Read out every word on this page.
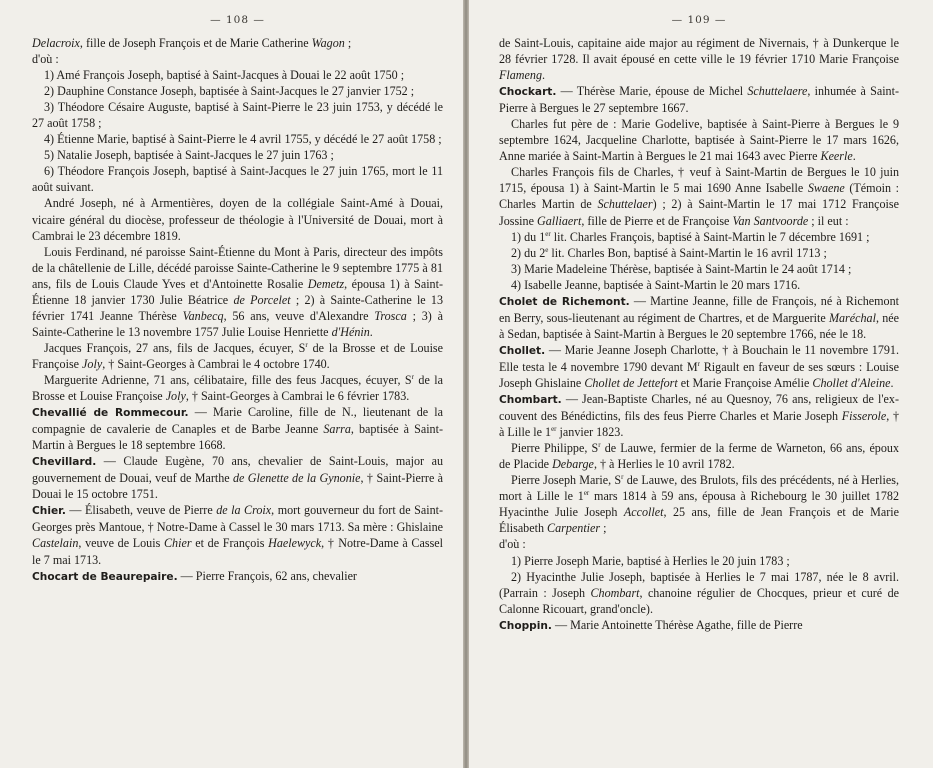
— 108 —

Delacroix, fille de Joseph François et de Marie Catherine Wagon ;

d'où :

1) Amé François Joseph, baptisé à Saint-Jacques à Douai le 22 août 1750 ;

2) Dauphine Constance Joseph, baptisée à Saint-Jacques le 27 janvier 1752 ;

3) Théodore Césaire Auguste, baptisé à Saint-Pierre le 23 juin 1753, y décédé le 27 août 1758 ;

4) Étienne Marie, baptisé à Saint-Pierre le 4 avril 1755, y décédé le 27 août 1758 ;

5) Natalie Joseph, baptisée à Saint-Jacques le 27 juin 1763 ;

6) Théodore François Joseph, baptisé à Saint-Jacques le 27 juin 1765, mort le 11 août suivant.

André Joseph, né à Armentières, doyen de la collégiale Saint-Amé à Douai, vicaire général du diocèse, professeur de théologie à l'Université de Douai, mort à Cambrai le 23 décembre 1819.

Louis Ferdinand, né paroisse Saint-Étienne du Mont à Paris, directeur des impôts de la châtellenie de Lille, décédé paroisse Sainte-Catherine le 9 septembre 1775 à 81 ans, fils de Louis Claude Yves et d'Antoinette Rosalie Demetz, épousa 1) à Saint-Étienne 18 janvier 1730 Julie Béatrice de Porcelet ; 2) à Sainte-Catherine le 13 février 1741 Jeanne Thérèse Vanbecq, 56 ans, veuve d'Alexandre Trosca ; 3) à Sainte-Catherine le 13 novembre 1757 Julie Louise Henriette d'Hénin.

Jacques François, 27 ans, fils de Jacques, écuyer, $S^r$ de la Brosse et de Louise Françoise Joly, † Saint-Georges à Cambrai le 4 octobre 1740.

Marguerite Adrienne, 71 ans, célibataire, fille des feus Jacques, écuyer, $S^r$ de la Brosse et Louise Françoise Joly, † Saint-Georges à Cambrai le 6 février 1783.

Chevallié de Rommecour. — Marie Caroline, fille de N., lieutenant de la compagnie de cavalerie de Canaples et de Barbe Jeanne Sarra, baptisée à Saint-Martin à Bergues le 18 septembre 1668.

Chevillard. — Claude Eugène, 70 ans, chevalier de Saint-Louis, major au gouvernement de Douai, veuf de Marthe de Glenette de la Gynonie, † Saint-Pierre à Douai le 15 octobre 1751.

Chier. — Élisabeth, veuve de Pierre de la Croix, mort gouverneur du fort de Saint-Georges près Mantoue, † Notre-Dame à Cassel le 30 mars 1713. Sa mère : Ghislaine Castelain, veuve de Louis Chier et de François Haelewyck, † Notre-Dame à Cassel le 7 mai 1713.

Chocart de Beaurepaire. — Pierre François, 62 ans, chevalier

— 109 —

de Saint-Louis, capitaine aide major au régiment de Nivernais, † à Dunkerque le 28 février 1728. Il avait épousé en cette ville le 19 février 1710 Marie Françoise Flameng.

Chockart. — Thérèse Marie, épouse de Michel Schuttelaere, inhumée à Saint-Pierre à Bergues le 27 septembre 1667.

Charles fut père de : Marie Godelive, baptisée à Saint-Pierre à Bergues le 9 septembre 1624, Jacqueline Charlotte, baptisée à Saint-Pierre le 17 mars 1626, Anne mariée à Saint-Martin à Bergues le 21 mai 1643 avec Pierre Keerle.

Charles François fils de Charles, † veuf à Saint-Martin de Bergues le 10 juin 1715, épousa 1) à Saint-Martin le 5 mai 1690 Anne Isabelle Swaene (Témoin : Charles Martin de Schuttelaer) ; 2) à Saint-Martin le 17 mai 1712 Françoise Jossine Galliaert, fille de Pierre et de Françoise Van Santvoorde ; il eut :

1) du 1er lit. Charles François, baptisé à Saint-Martin le 7 décembre 1691 ;

2) du 2e lit. Charles Bon, baptisé à Saint-Martin le 16 avril 1713 ;

3) Marie Madeleine Thérèse, baptisée à Saint-Martin le 24 août 1714 ;

4) Isabelle Jeanne, baptisée à Saint-Martin le 20 mars 1716.

Cholet de Richemont. — Martine Jeanne, fille de François, né à Richemont en Berry, sous-lieutenant au régiment de Chartres, et de Marguerite Maréchal, née à Sedan, baptisée à Saint-Martin à Bergues le 20 septembre 1766, née le 18.

Chollet. — Marie Jeanne Joseph Charlotte, † à Bouchain le 11 novembre 1791. Elle testa le 4 novembre 1790 devant $M^r$ Rigault en faveur de ses sœurs : Louise Joseph Ghislaine Chollet de Jettefort et Marie Françoise Amélie Chollet d'Aleine.

Chombart. — Jean-Baptiste Charles, né au Quesnoy, 76 ans, religieux de l'ex-couvent des Bénédictins, fils des feus Pierre Charles et Marie Joseph Fisserole, † à Lille le 1er janvier 1823.

Pierre Philippe, $S^r$ de Lauwe, fermier de la ferme de Warneton, 66 ans, époux de Placide Debarge, † à Herlies le 10 avril 1782.

Pierre Joseph Marie, $S^r$ de Lauwe, des Brulots, fils des précédents, né à Herlies, mort à Lille le 1er mars 1814 à 59 ans, épousa à Richebourg le 30 juillet 1782 Hyacinthe Julie Joseph Accollet, 25 ans, fille de Jean François et de Marie Élisabeth Carpentier ;

d'où :

1) Pierre Joseph Marie, baptisé à Herlies le 20 juin 1783 ;

2) Hyacinthe Julie Joseph, baptisée à Herlies le 7 mai 1787, née le 8 avril. (Parrain : Joseph Chombart, chanoine régulier de Chocques, prieur et curé de Calonne Ricouart, grand'oncle).

Choppin. — Marie Antoinette Thérèse Agathe, fille de Pierre
